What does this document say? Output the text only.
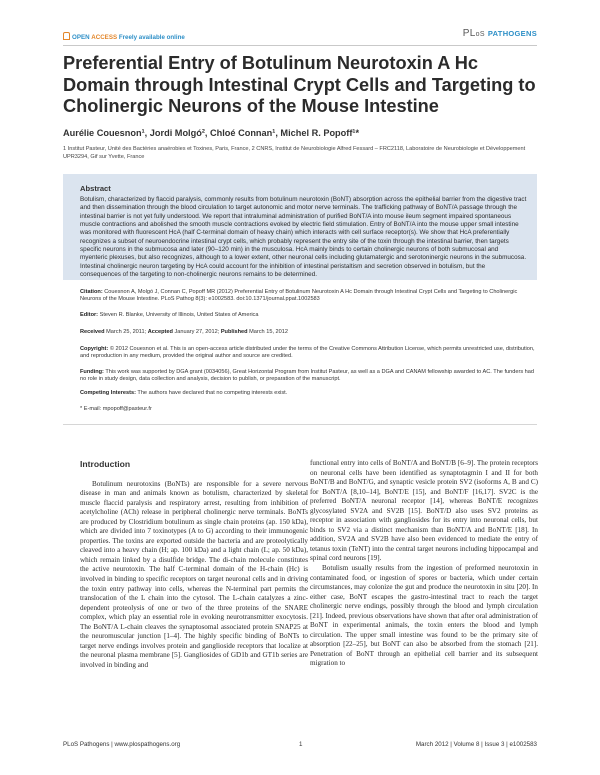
OPEN ACCESS Freely available online	PLoS PATHOGENS
Preferential Entry of Botulinum Neurotoxin A Hc Domain through Intestinal Crypt Cells and Targeting to Cholinergic Neurons of the Mouse Intestine
Aurélie Couesnon¹, Jordi Molgó², Chloé Connan¹, Michel R. Popoff¹*
1 Institut Pasteur, Unité des Bactéries anaérobies et Toxines, Paris, France, 2 CNRS, Institut de Neurobiologie Alfred Fessard – FRC2118, Laboratoire de Neurobiologie et Développement UPR3294, Gif sur Yvette, France
Abstract

Botulism, characterized by flaccid paralysis, commonly results from botulinum neurotoxin (BoNT) absorption across the epithelial barrier from the digestive tract and then dissemination through the blood circulation to target autonomic and motor nerve terminals. The trafficking pathway of BoNT/A passage through the intestinal barrier is not yet fully understood. We report that intraluminal administration of purified BoNT/A into mouse ileum segment impaired spontaneous muscle contractions and abolished the smooth muscle contractions evoked by electric field stimulation. Entry of BoNT/A into the mouse upper small intestine was monitored with fluorescent HcA (half C-terminal domain of heavy chain) which interacts with cell surface receptor(s). We show that HcA preferentially recognizes a subset of neuroendocrine intestinal crypt cells, which probably represent the entry site of the toxin through the intestinal barrier, then targets specific neurons in the submucosa and later (90–120 min) in the musculosa. HcA mainly binds to certain cholinergic neurons of both submucosal and myenteric plexuses, but also recognizes, although to a lower extent, other neuronal cells including glutamatergic and serotoninergic neurons in the submucosa. Intestinal cholinergic neuron targeting by HcA could account for the inhibition of intestinal peristaltism and secretion observed in botulism, but the consequences of the targeting to non-cholinergic neurons remains to be determined.

Citation: Couesnon A, Molgó J, Connan C, Popoff MR (2012) Preferential Entry of Botulinum Neurotoxin A Hc Domain through Intestinal Crypt Cells and Targeting to Cholinergic Neurons of the Mouse Intestine. PLoS Pathog 8(3): e1002583. doi:10.1371/journal.ppat.1002583
Editor: Steven R. Blanke, University of Illinois, United States of America
Received March 25, 2011; Accepted January 27, 2012; Published March 15, 2012
Copyright: © 2012 Couesnon et al. This is an open-access article distributed under the terms of the Creative Commons Attribution License, which permits unrestricted use, distribution, and reproduction in any medium, provided the original author and source are credited.
Funding: This work was supported by DGA grant (0034056), Great Horizontal Program from Institut Pasteur, as well as a DGA and CANAM fellowship awarded to AC. The funders had no role in study design, data collection and analysis, decision to publish, or preparation of the manuscript.
Competing Interests: The authors have declared that no competing interests exist.
* E-mail: mpopoff@pasteur.fr
Introduction

Botulinum neurotoxins (BoNTs) are responsible for a severe nervous disease in man and animals known as botulism, characterized by skeletal muscle flaccid paralysis and respiratory arrest, resulting from inhibition of acetylcholine (ACh) release in peripheral cholinergic nerve terminals. BoNTs are produced by Clostridium botulinum as single chain proteins (ap. 150 kDa), which are divided into 7 toxinotypes (A to G) according to their immunogenic properties. The toxins are exported outside the bacteria and are proteolytically cleaved into a heavy chain (H; ap. 100 kDa) and a light chain (L; ap. 50 kDa), which remain linked by a disulfide bridge. The di-chain molecule constitutes the active neurotoxin. The half C-terminal domain of the H-chain (Hc) is involved in binding to specific receptors on target neuronal cells and in driving the toxin entry pathway into cells, whereas the N-terminal part permits the translocation of the L chain into the cytosol. The L-chain catalyzes a zinc-dependent proteolysis of one or two of the three proteins of the SNARE complex, which play an essential role in evoking neurotransmitter exocytosis. The BoNT/A L-chain cleaves the synaptosomal associated protein SNAP25 at the neuromuscular junction [1–4]. The highly specific binding of BoNTs to target nerve endings involves protein and ganglioside receptors that localize at the neuronal plasma membrane [5]. Gangliosides of GD1b and GT1b series are involved in binding and

functional entry into cells of BoNT/A and BoNT/B [6–9]. The protein receptors on neuronal cells have been identified as synaptotagmin I and II for both BoNT/B and BoNT/G, and synaptic vesicle protein SV2 (isoforms A, B and C) for BoNT/A [8,10–14], BoNT/E [15], and BoNT/F [16,17]. SV2C is the preferred BoNT/A neuronal receptor [14], whereas BoNT/E recognizes glycosylated SV2A and SV2B [15]. BoNT/D also uses SV2 proteins as receptor in association with gangliosides for its entry into neuronal cells, but binds to SV2 via a distinct mechanism than BoNT/A and BoNT/E [18]. In addition, SV2A and SV2B have also been evidenced to mediate the entry of tetanus toxin (TeNT) into the central target neurons including hippocampal and spinal cord neurons [19].

Botulism usually results from the ingestion of preformed neurotoxin in contaminated food, or ingestion of spores or bacteria, which under certain circumstances, may colonize the gut and produce the neurotoxin in situ [20]. In either case, BoNT escapes the gastro-intestinal tract to reach the target cholinergic nerve endings, possibly through the blood and lymph circulation [21]. Indeed, previous observations have shown that after oral administration of BoNT in experimental animals, the toxin enters the blood and lymph circulation. The upper small intestine was found to be the primary site of absorption [22–25], but BoNT can also be absorbed from the stomach [21]. Penetration of BoNT through an epithelial cell barrier and its subsequent migration to

PLoS Pathogens | www.plospathogens.org	1	March 2012 | Volume 8 | Issue 3 | e1002583
